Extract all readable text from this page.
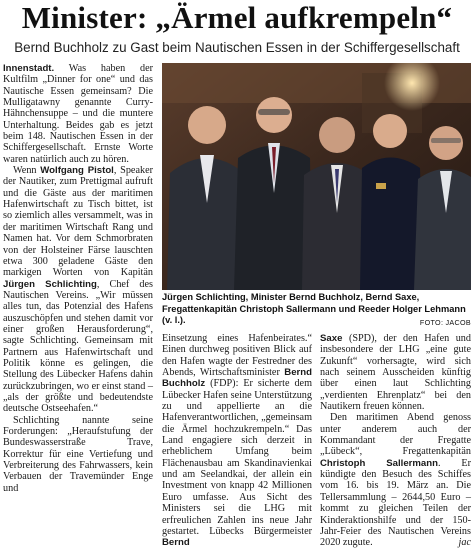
Minister: „Ärmel aufkrempeln“
Bernd Buchholz zu Gast beim Nautischen Essen in der Schiffergesellschaft

Innenstadt. Was haben der Kultfilm „Dinner for one“ und das Nautische Essen gemeinsam? Die Mulligatawny genannte Curry-Hähnchensuppe – und die muntere Unterhaltung. Beides gab es jetzt beim 148. Nautischen Essen in der Schiffergesellschaft. Ernste Worte waren natürlich auch zu hören.

Wenn Wolfgang Pistol, Speaker der Nautiker, zum Prettigmal aufruft und die Gäste aus der maritimen Hafenwirtschaft zu Tisch bittet, ist so ziemlich alles versammelt, was in der maritimen Wirtschaft Rang und Namen hat. Vor dem Schmorbraten von der Holsteiner Färse lauschten etwa 300 geladene Gäste den markigen Worten von Kapitän Jürgen Schlichting, Chef des Nautischen Vereins. „Wir müssen alles tun, das Potenzial des Hafens auszuschöpfen und stehen damit vor einer großen Herausforderung“, sagte Schlichting. Gemeinsam mit Partnern aus Hafenwirtschaft und Politik könne es gelingen, die Stellung des Lübecker Hafens dahin zurückzubringen, wo er einst stand – „als der größte und bedeutendste deutsche Ostseehafen.“

Schlichting nannte seine Forderungen: „Heraufstufung der Bundeswasserstraße Trave, Korrektur für eine Vertiefung und Verbreiterung des Fahrwassers, kein Verbauen der Travemünder Enge und

Jürgen Schlichting, Minister Bernd Buchholz, Bernd Saxe, Fregattenkapitän Christoph Sallermann und Reeder Holger Lehmann (v. l.).	FOTO: JACOB

Einsetzung eines Hafenbeirates.“ Einen durchweg positiven Blick auf den Hafen wagte der Festredner des Abends, Wirtschaftsminister Bernd Buchholz (FDP): Er sicherte dem Lübecker Hafen seine Unterstützung zu und appellierte an die Hafenverantwortlichen, „gemeinsam die Ärmel hochzukrempeln.“ Das Land engagiere sich derzeit in erheblichem Umfang beim Flächenausbau am Skandinavienkai und am Seelandkai, der allein ein Investment von knapp 42 Millionen Euro umfasse. Aus Sicht des Ministers sei die LHG mit erfreulichen Zahlen ins neue Jahr gestartet. Lübecks Bürgermeister Bernd

Saxe (SPD), der den Hafen und insbesondere der LHG „eine gute Zukunft“ vorhersagte, wird sich nach seinem Ausscheiden künftig über einen laut Schlichting „verdienten Ehrenplatz“ bei den Nautikern freuen können.

Den maritimen Abend genoss unter anderem auch der Kommandant der Fregatte „Lübeck“, Fregattenkapitän Christoph Sallermann. Er kündigte den Besuch des Schiffes vom 16. bis 19. März an. Die Tellersammlung – 2644,50 Euro – kommt zu gleichen Teilen der Kinderaktionshilfe und der 150-Jahr-Feier des Nautischen Vereins 2020 zugute.	jac
